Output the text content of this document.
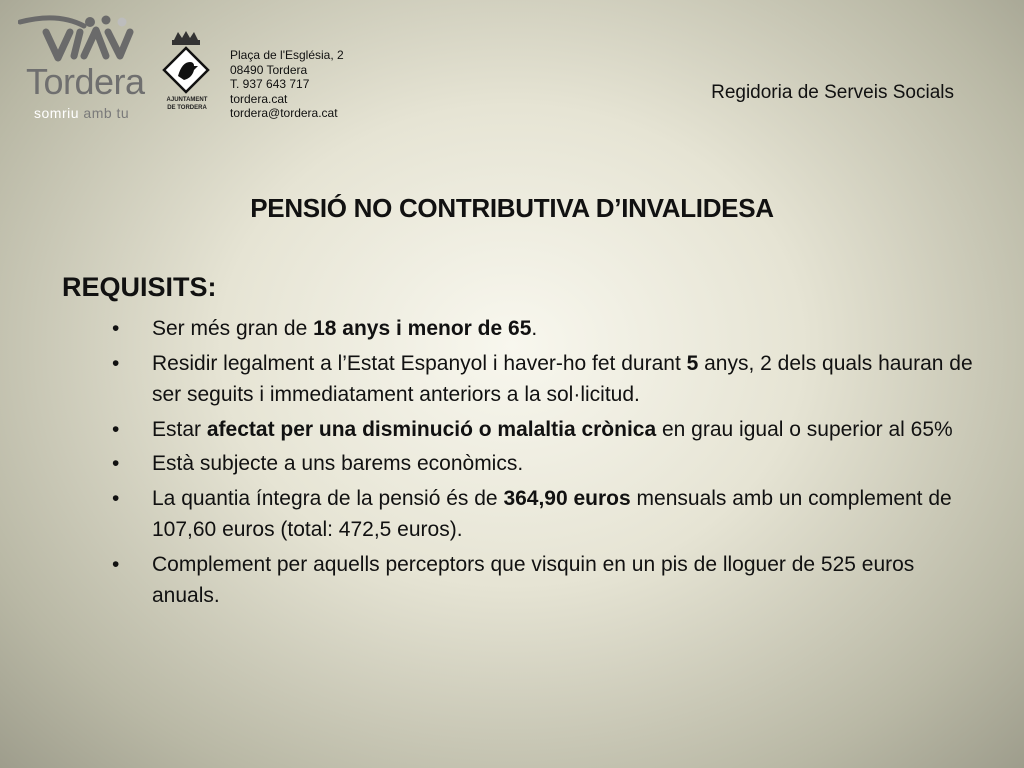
Tordera
somriu amb tu
AJUNTAMENT
DE TORDERA
Plaça de l'Església, 2
08490 Tordera
T. 937 643 717
tordera.cat
tordera@tordera.cat
Regidoria de Serveis Socials
PENSIÓ NO CONTRIBUTIVA D’INVALIDESA
REQUISITS:
• Ser més gran de 18 anys i menor de 65.
• Residir legalment a l’Estat Espanyol i haver-ho fet durant 5 anys, 2 dels quals hauran de ser seguits i immediatament anteriors a la sol·licitud.
• Estar afectat per una disminució o malaltia crònica en grau igual o superior al 65%
• Està subjecte a uns barems econòmics.
• La quantia íntegra de la pensió és de 364,90 euros mensuals amb un complement de 107,60 euros (total: 472,5 euros).
• Complement per aquells perceptors que visquin en un pis de lloguer de 525 euros anuals.
